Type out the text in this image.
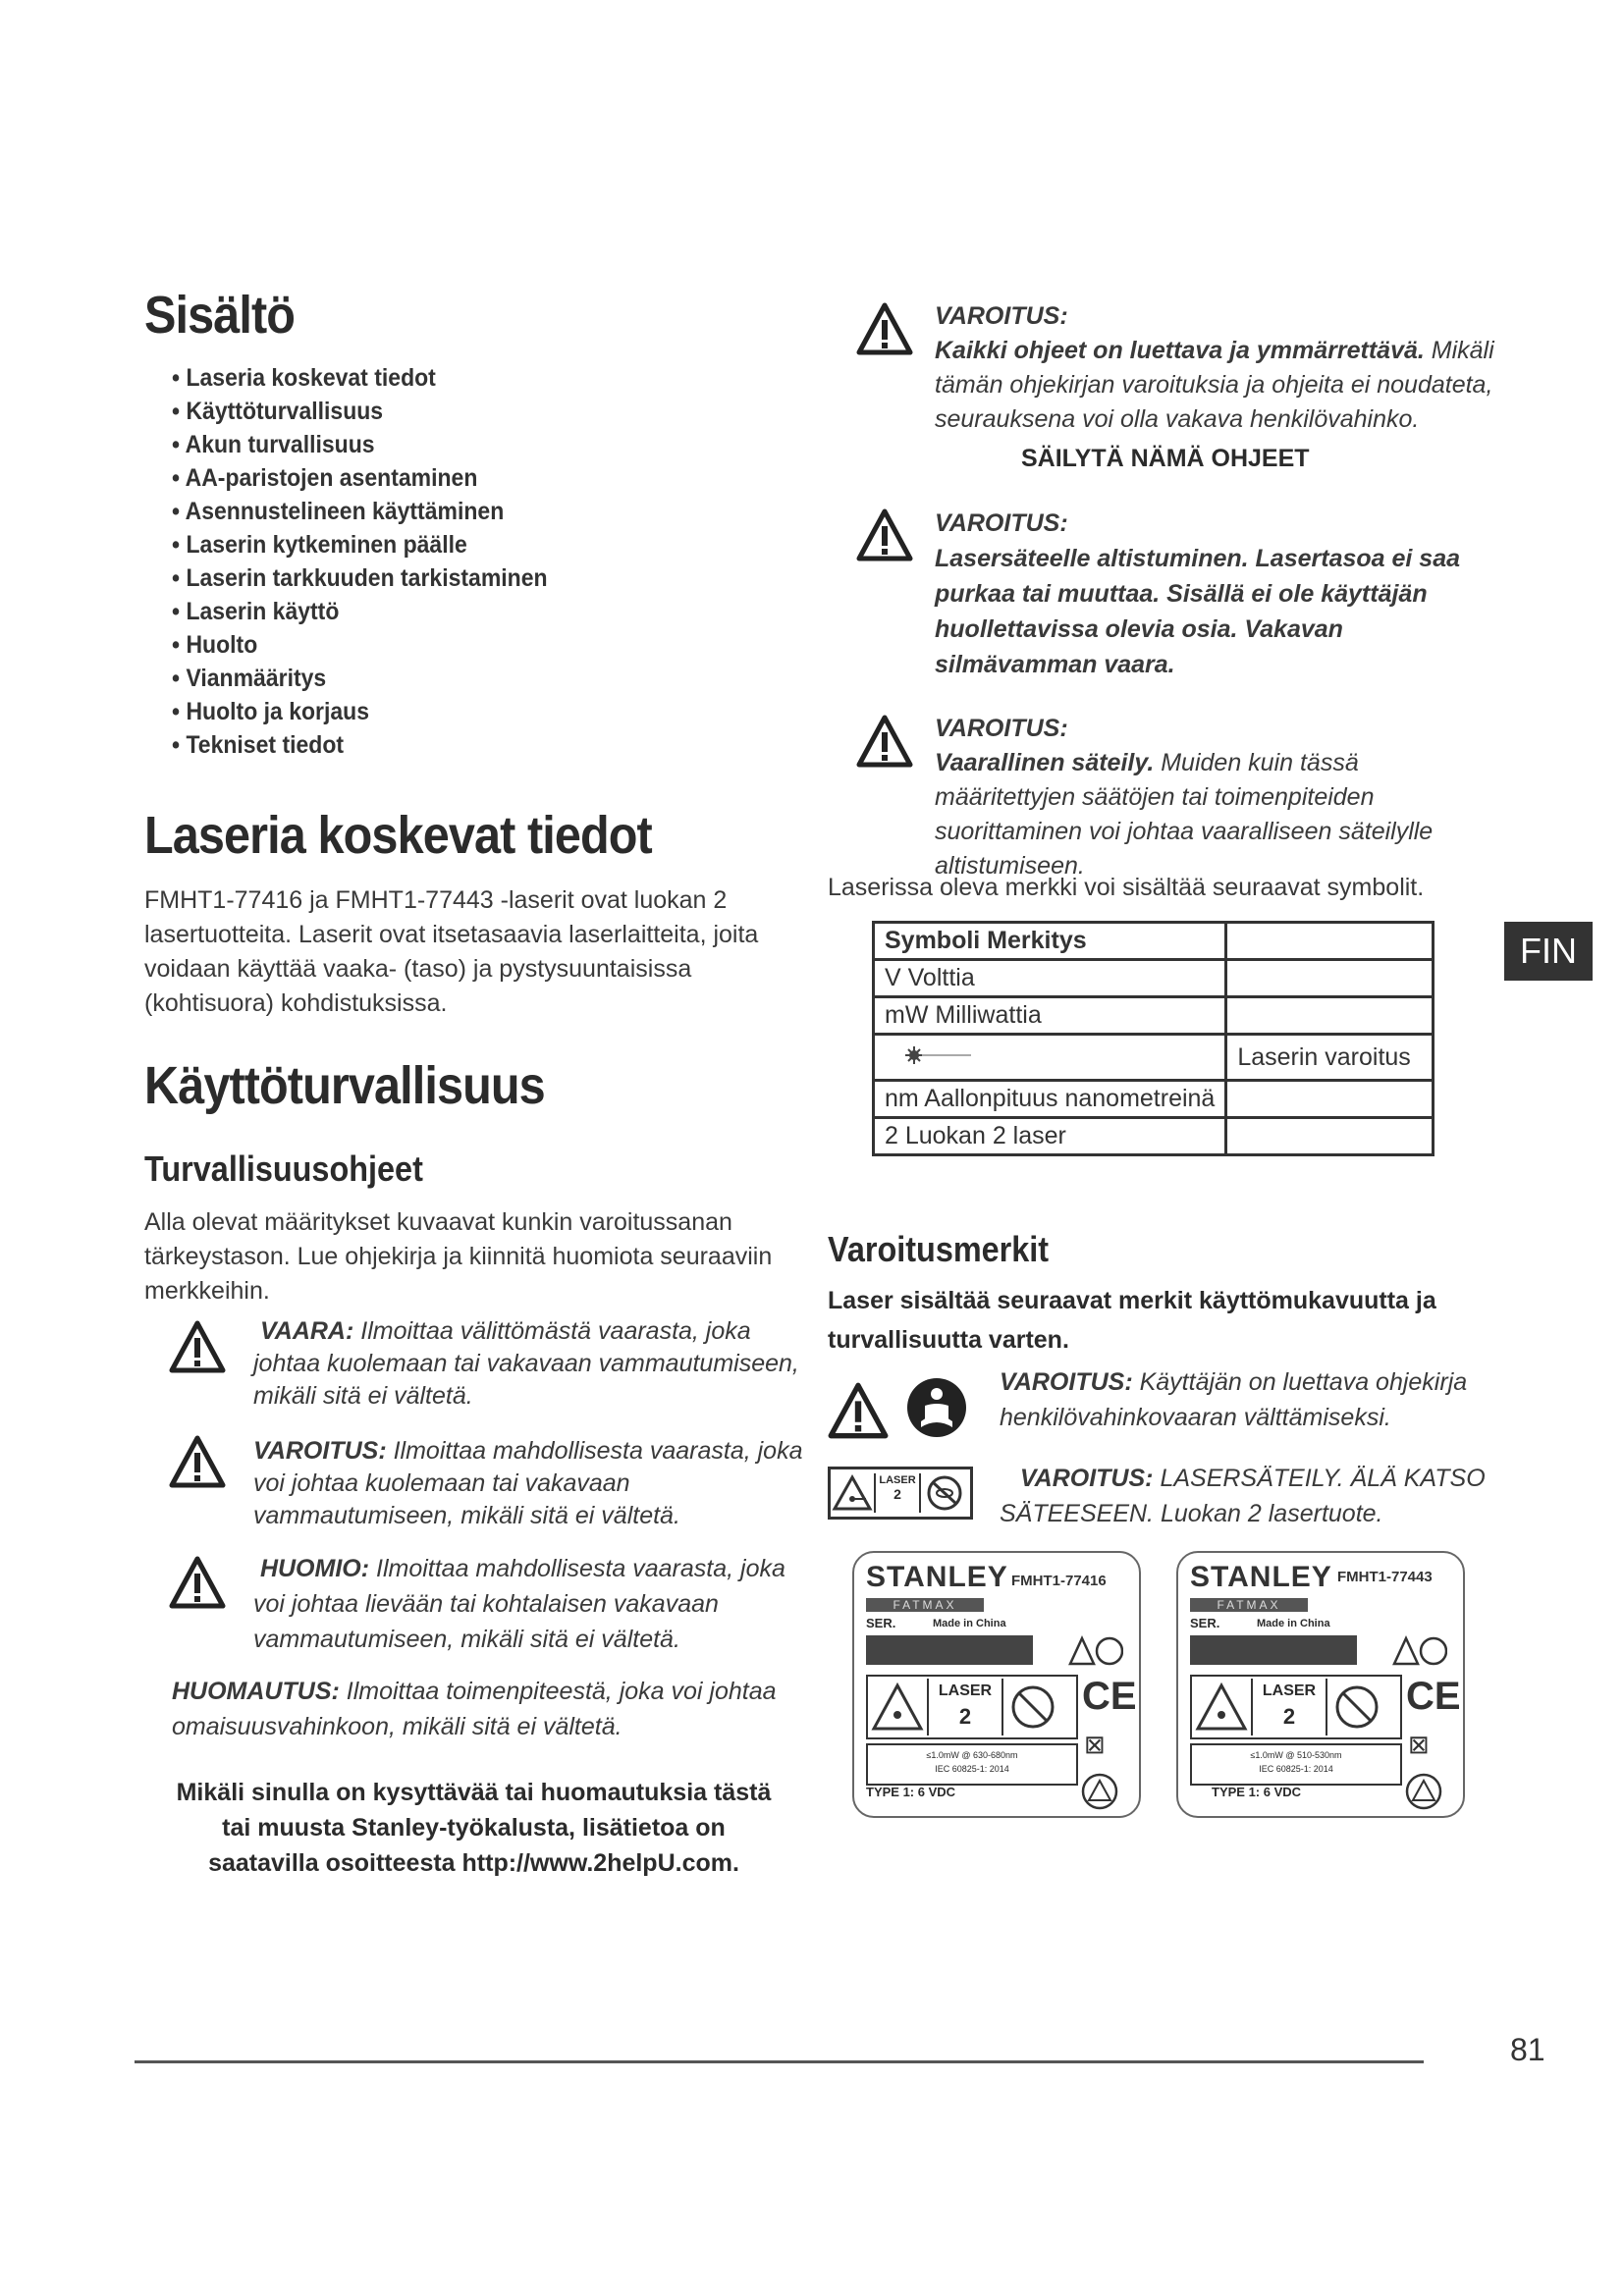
Sisältö
• Laseria koskevat tiedot
• Käyttöturvallisuus
• Akun turvallisuus
• AA-paristojen asentaminen
• Asennustelineen käyttäminen
• Laserin kytkeminen päälle
• Laserin tarkkuuden tarkistaminen
• Laserin käyttö
• Huolto
• Vianmääritys
• Huolto ja korjaus
• Tekniset tiedot
Laseria koskevat tiedot

FMHT1-77416 ja FMHT1-77443 -laserit ovat luokan 2 lasertuotteita. Laserit ovat itsetasaavia laserlaitteita, joita voidaan käyttää vaaka- (taso) ja pystysuuntaisissa (kohtisuora) kohdistuksissa.

Käyttöturvallisuus
Turvallisuusohjeet

Alla olevat määritykset kuvaavat kunkin varoitussanan tärkeystason. Lue ohjekirja ja kiinnitä huomiota seuraaviin merkkeihin.

VAARA: Ilmoittaa välittömästä vaarasta, joka johtaa kuolemaan tai vakavaan vammautumiseen, mikäli sitä ei vältetä.

VAROITUS: Ilmoittaa mahdollisesta vaarasta, joka voi johtaa kuolemaan tai vakavaan vammautumiseen, mikäli sitä ei vältetä.

HUOMIO: Ilmoittaa mahdollisesta vaarasta, joka voi johtaa lievään tai kohtalaisen vakavaan vammautumiseen, mikäli sitä ei vältetä.

HUOMAUTUS: Ilmoittaa toimenpiteestä, joka voi johtaa omaisuusvahinkoon, mikäli sitä ei vältetä.

Mikäli sinulla on kysyttävää tai huomautuksia tästä tai muusta Stanley-työkalusta, lisätietoa on saatavilla osoitteesta http://www.2helpU.com.

VAROITUS:
Kaikki ohjeet on luettava ja ymmärrettävä. Mikäli tämän ohjekirjan varoituksia ja ohjeita ei noudateta, seurauksena voi olla vakava henkilövahinko.

SÄILYTÄ NÄMÄ OHJEET

VAROITUS:
Lasersäteelle altistuminen. Lasertasoa ei saa purkaa tai muuttaa. Sisällä ei ole käyttäjän huollettavissa olevia osia. Vakavan silmävamman vaara.

VAROITUS:
Vaarallinen säteily. Muiden kuin tässä määritettyjen säätöjen tai toimenpiteiden suorittaminen voi johtaa vaaralliseen säteilylle altistumiseen.

Laserissa oleva merkki voi sisältää seuraavat symbolit.

Symboli Merkitys	
V Volttia	
mW Milliwattia	
	Laserin varoitus
nm Aallonpituus nanometreinä	
2 Luokan 2 laser	
Varoitusmerkit

Laser sisältää seuraavat merkit käyttömukavuutta ja turvallisuutta varten.

VAROITUS: Käyttäjän on luettava ohjekirja henkilövahinkovaaran välttämiseksi.

LASER
2

VAROITUS: LASERSÄTEILY. ÄLÄ KATSO SÄTEESEEN. Luokan 2 lasertuote.

STANLEY FMHT1-77416
FATMAX
SER.	Made in China
LASER
2	CE
≤1.0mW @ 630-680nm
IEC 60825-1: 2014
⊠
TYPE 1: 6 VDC
STANLEY FMHT1-77443
FATMAX
SER.	Made in China
LASER
2	CE
≤1.0mW @ 510-530nm
IEC 60825-1: 2014
⊠
TYPE 1: 6 VDC
FIN
81
